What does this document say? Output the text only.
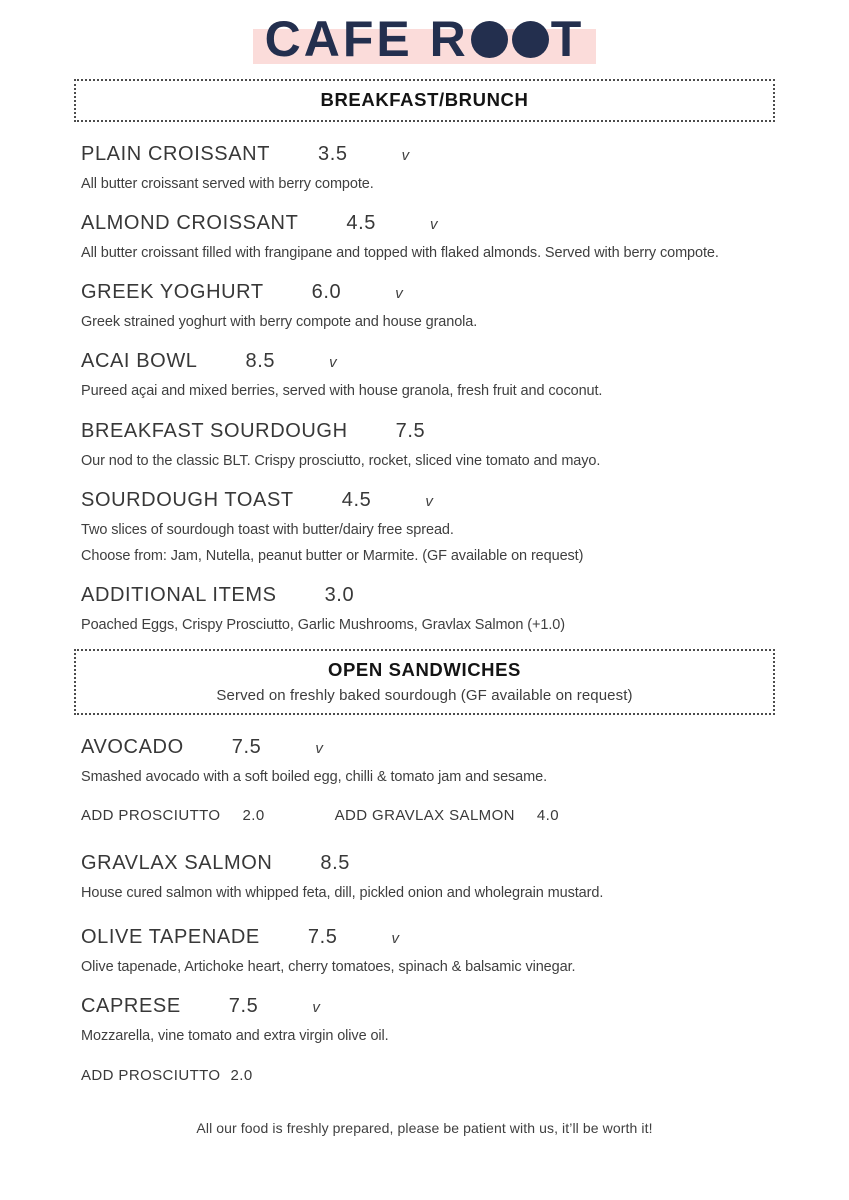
CAFE R T
BREAKFAST/BRUNCH
PLAIN CROISSANT 3.5	v
All butter croissant served with berry compote.
ALMOND CROISSANT 4.5	v
All butter croissant filled with frangipane and topped with flaked almonds. Served with berry compote.
GREEK YOGHURT 6.0	v
Greek strained yoghurt with berry compote and house granola.
ACAI BOWL 8.5	v
Pureed açai and mixed berries, served with house granola, fresh fruit and coconut.
BREAKFAST SOURDOUGH 7.5
Our nod to the classic BLT. Crispy prosciutto, rocket, sliced vine tomato and mayo.
SOURDOUGH TOAST 4.5	v
Two slices of sourdough toast with butter/dairy free spread.
Choose from: Jam, Nutella, peanut butter or Marmite. (GF available on request)
ADDITIONAL ITEMS 3.0
Poached Eggs, Crispy Prosciutto, Garlic Mushrooms, Gravlax Salmon (+1.0)
OPEN SANDWICHES
Served on freshly baked sourdough (GF available on request)
AVOCADO 7.5	v
Smashed avocado with a soft boiled egg, chilli & tomato jam and sesame.
ADD PROSCIUTTO 2.0	ADD GRAVLAX SALMON 4.0
GRAVLAX SALMON 8.5
House cured salmon with whipped feta, dill, pickled onion and wholegrain mustard.
OLIVE TAPENADE 7.5	v
Olive tapenade, Artichoke heart, cherry tomatoes, spinach & balsamic vinegar.
CAPRESE 7.5	v
Mozzarella, vine tomato and extra virgin olive oil.
ADD PROSCIUTTO 2.0
All our food is freshly prepared, please be patient with us, it’ll be worth it!
